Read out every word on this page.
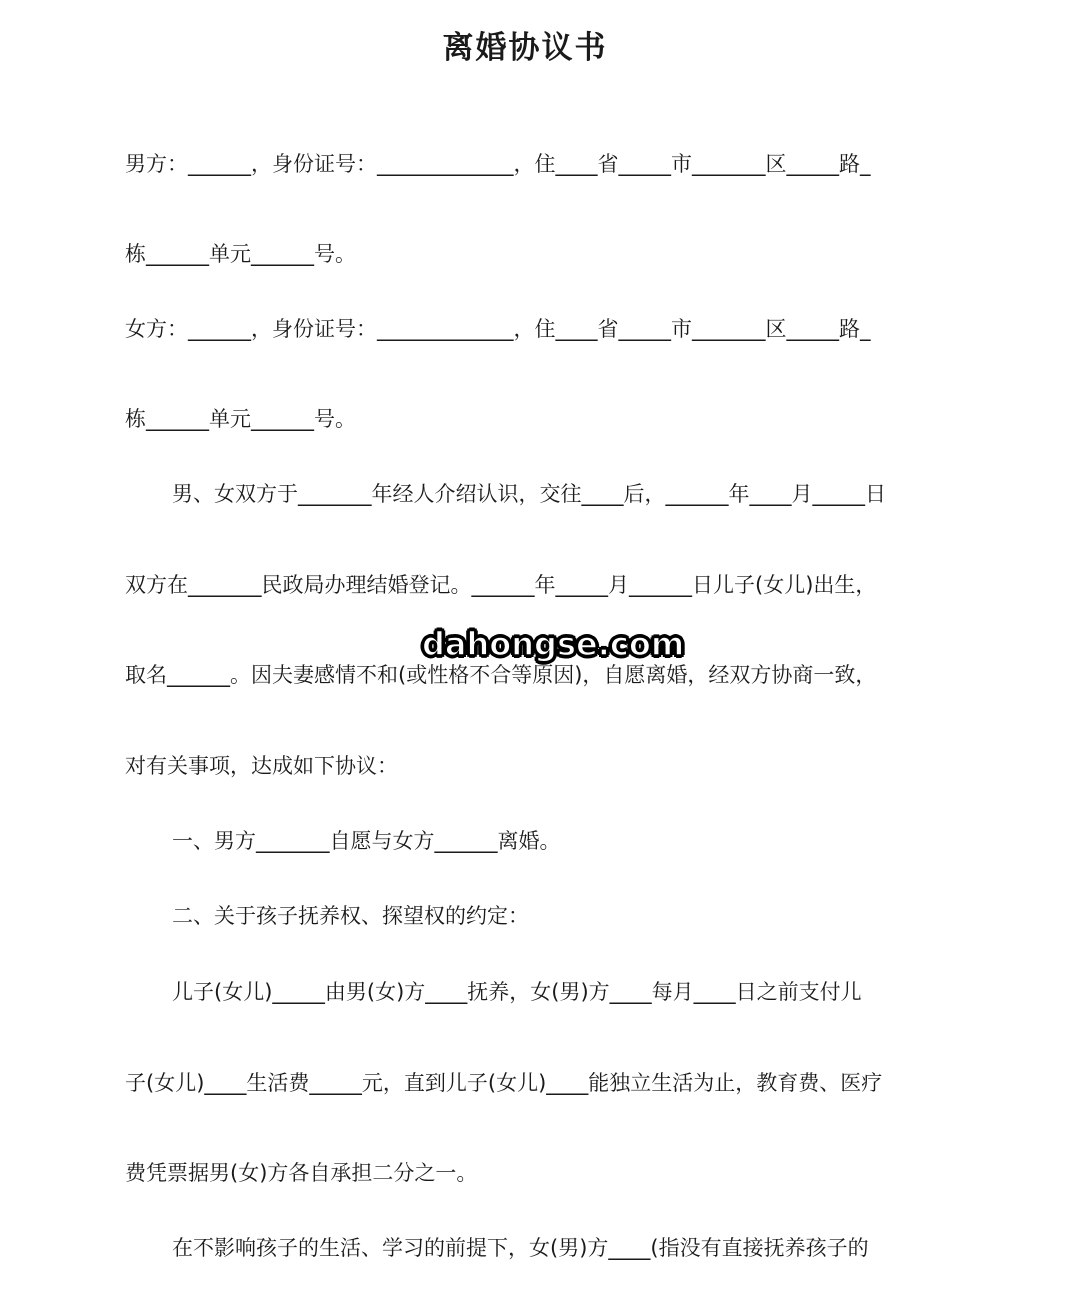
离婚协议书
男方：______，身份证号：_____________，住____省_____市_______区_____路_
栋______单元______号。
女方：______，身份证号：_____________，住____省_____市_______区_____路_
栋______单元______号。
男、女双方于_______年经人介绍认识，交往____后，______年____月_____日
双方在_______民政局办理结婚登记。______年_____月______日儿子(女儿)出生，
取名______。因夫妻感情不和(或性格不合等原因)，自愿离婚，经双方协商一致，
对有关事项，达成如下协议：
一、男方_______自愿与女方______离婚。
二、关于孩子抚养权、探望权的约定：
儿子(女儿)_____由男(女)方____抚养，女(男)方____每月____日之前支付儿
子(女儿)____生活费_____元，直到儿子(女儿)____能独立生活为止，教育费、医疗
费凭票据男(女)方各自承担二分之一。
在不影响孩子的生活、学习的前提下，女(男)方____(指没有直接抚养孩子的
dahongse.com
